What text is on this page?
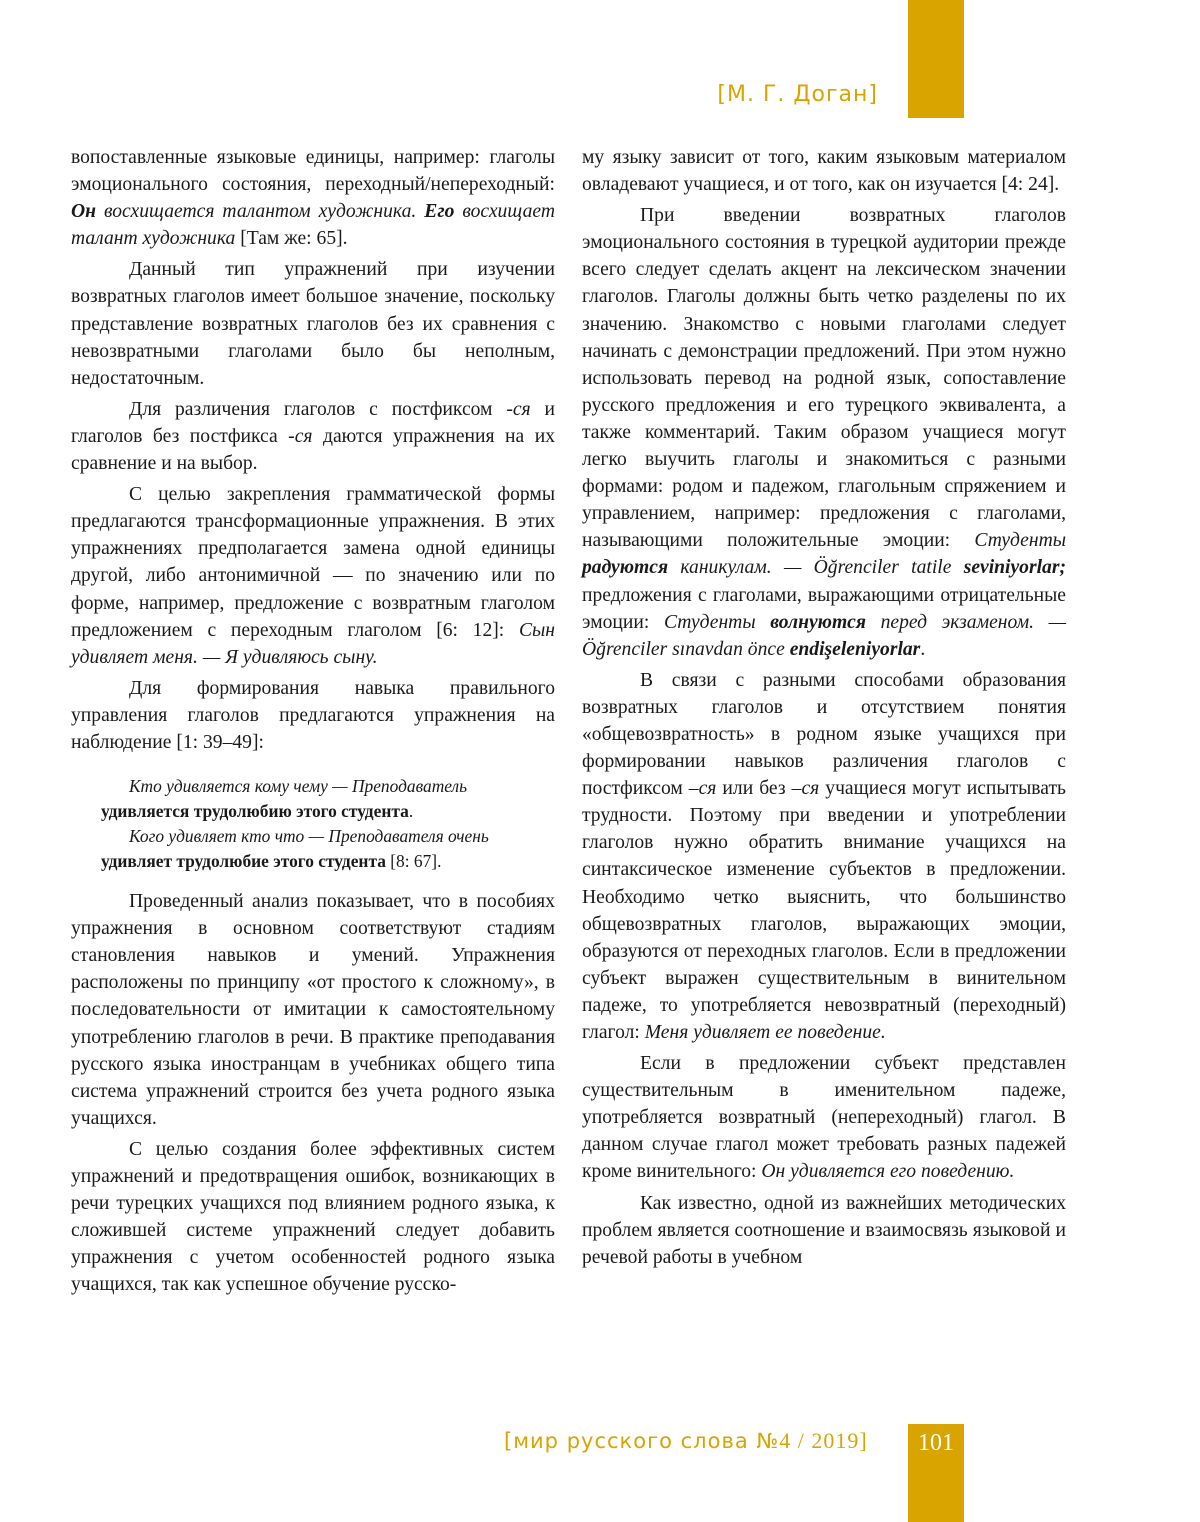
[М. Г. Доган]

вопоставленные языковые единицы, например: глаголы эмоционального состояния, переходный/непереходный: Он восхищается талантом художника. Его восхищает талант художника [Там же: 65].

Данный тип упражнений при изучении возвратных глаголов имеет большое значение, поскольку представление возвратных глаголов без их сравнения с невозвратными глаголами было бы неполным, недостаточным.

Для различения глаголов с постфиксом -ся и глаголов без постфикса -ся даются упражнения на их сравнение и на выбор.

С целью закрепления грамматической формы предлагаются трансформационные упражнения. В этих упражнениях предполагается замена одной единицы другой, либо антонимичной — по значению или по форме, например, предложение с возвратным глаголом предложением с переходным глаголом [6: 12]: Сын удивляет меня. — Я удивляюсь сыну.

Для формирования навыка правильного управления глаголов предлагаются упражнения на наблюдение [1: 39–49]:

Кто удивляется кому чему — Преподаватель
удивляется трудолюбию этого студента.

Кого удивляет кто что — Преподавателя очень
удивляет трудолюбие этого студента [8: 67].

Проведенный анализ показывает, что в пособиях упражнения в основном соответствуют стадиям становления навыков и умений. Упражнения расположены по принципу «от простого к сложному», в последовательности от имитации к самостоятельному употреблению глаголов в речи. В практике преподавания русского языка иностранцам в учебниках общего типа система упражнений строится без учета родного языка учащихся.

С целью создания более эффективных систем упражнений и предотвращения ошибок, возникающих в речи турецких учащихся под влиянием родного языка, к сложившей системе упражнений следует добавить упражнения с учетом особенностей родного языка учащихся, так как успешное обучение русско-

му языку зависит от того, каким языковым материалом овладевают учащиеся, и от того, как он изучается [4: 24].

При введении возвратных глаголов эмоционального состояния в турецкой аудитории прежде всего следует сделать акцент на лексическом значении глаголов. Глаголы должны быть четко разделены по их значению. Знакомство с новыми глаголами следует начинать с демонстрации предложений. При этом нужно использовать перевод на родной язык, сопоставление русского предложения и его турецкого эквивалента, а также комментарий. Таким образом учащиеся могут легко выучить глаголы и знакомиться с разными формами: родом и падежом, глагольным спряжением и управлением, например: предложения с глаголами, называющими положительные эмоции: Студенты радуются каникулам. — Öğrenciler tatile seviniyorlar; предложения с глаголами, выражающими отрицательные эмоции: Студенты волнуются перед экзаменом. — Öğrenciler sınavdan önce endişeleniyorlar.

В связи с разными способами образования возвратных глаголов и отсутствием понятия «общевозвратность» в родном языке учащихся при формировании навыков различения глаголов с постфиксом –ся или без –ся учащиеся могут испытывать трудности. Поэтому при введении и употреблении глаголов нужно обратить внимание учащихся на синтаксическое изменение субъектов в предложении. Необходимо четко выяснить, что большинство общевозвратных глаголов, выражающих эмоции, образуются от переходных глаголов. Если в предложении субъект выражен существительным в винительном падеже, то употребляется невозвратный (переходный) глагол: Меня удивляет ее поведение.

Если в предложении субъект представлен существительным в именительном падеже, употребляется возвратный (непереходный) глагол. В данном случае глагол может требовать разных падежей кроме винительного: Он удивляется его поведению.

Как известно, одной из важнейших методических проблем является соотношение и взаимосвязь языковой и речевой работы в учебном

[мир русского слова №4 / 2019]	101
